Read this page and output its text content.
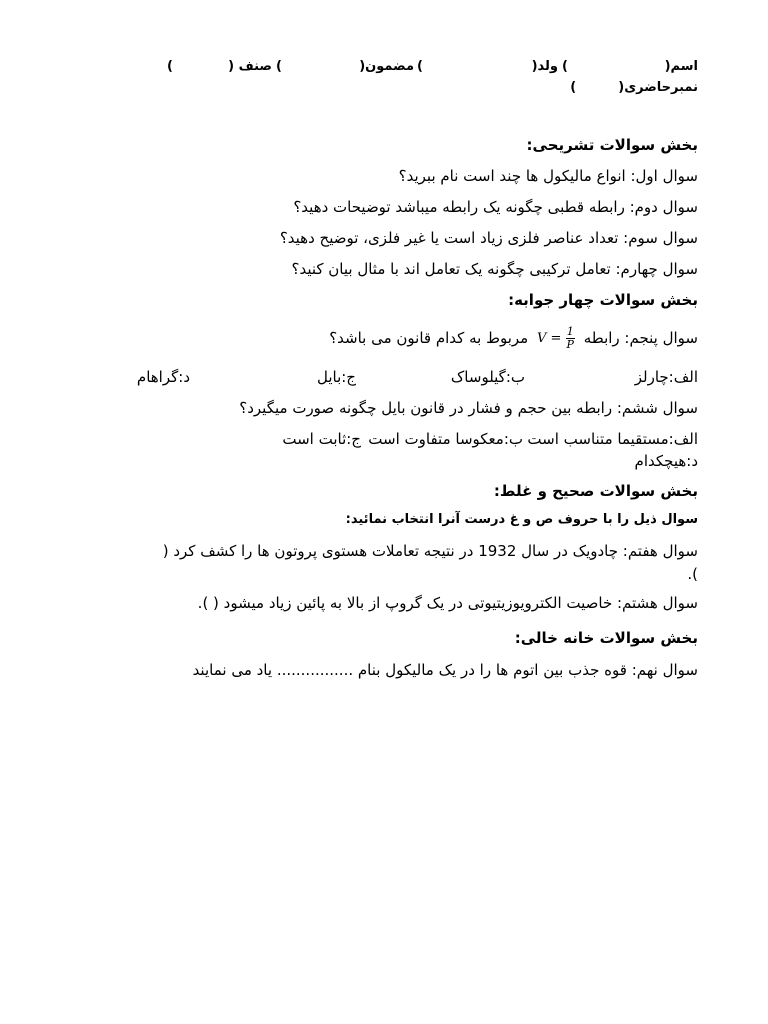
اسم(
)
ولد(
)
مضمون(
)
صنف (
)
نمبرحاضری()
بخش سوالات تشریحی:
سوال اول: انواع مالیکول ها چند است نام ببرید؟
سوال دوم: رابطه قطبی چگونه یک رابطه میباشد توضیحات دهید؟
سوال سوم: تعداد عناصر فلزی زیاد است یا غیر فلزی، توضیح دهید؟
سوال چهارم: تعامل ترکیبی چگونه یک تعامل اند با مثال بیان کنید؟
بخش سوالات چهار جوابه:
سوال پنجم: رابطه $V = \frac{1}{P}$
مربوط به کدام قانون می باشد؟
الف:چارلز
ب:گیلوساک
ج:بایل
د:گراهام
سوال ششم: رابطه بین حجم و فشار در قانون بایل چگونه صورت میگیرد؟
الف:مستقیما متناسب است
ب:معکوسا متفاوت است
ج:ثابت است
د:هیچکدام
بخش سوالات صحیح و غلط:
سوال ذیل را با حروف ص و غ درست آنرا انتخاب نمائید:
سوال هفتم: چادویک در سال 1932 در نتیجه تعاملات هستوی پروتون ها را کشف کرد (
).
سوال هشتم: خاصیت الکترویوزیتیوتی در یک گروپ از بالا به پائین زیاد میشود ( ).
بخش سوالات خانه خالی:
سوال نهم: قوه جذب بین اتوم ها را در یک مالیکول بنام ................ یاد می نمایند
